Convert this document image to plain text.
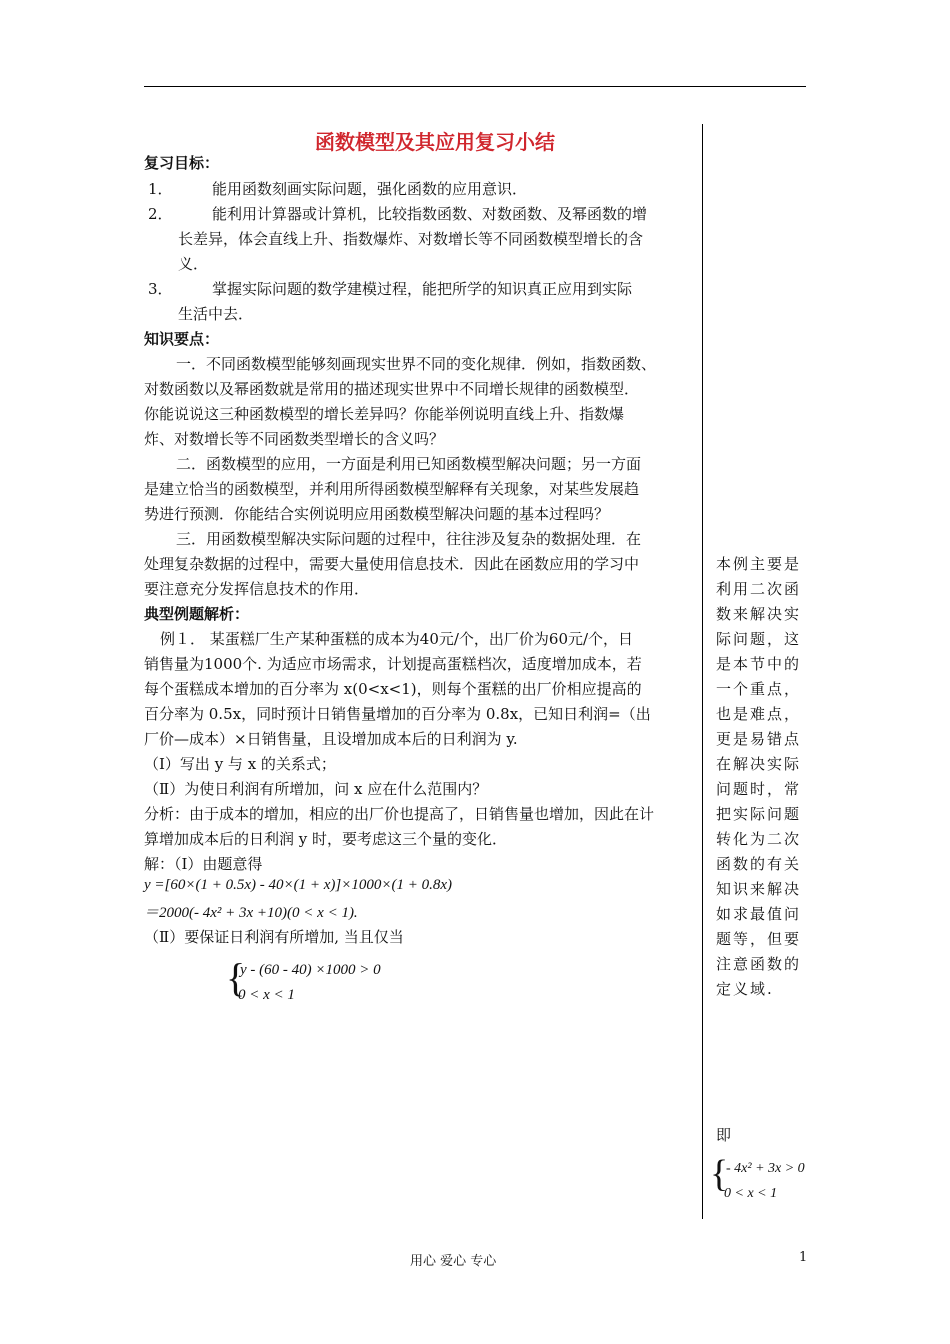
函数模型及其应用复习小结
复习目标：
1．	能用函数刻画实际问题，强化函数的应用意识．
2．	能利用计算器或计算机，比较指数函数、对数函数、及幂函数的增
长差异，体会直线上升、指数爆炸、对数增长等不同函数模型增长的含
义．
3．	掌握实际问题的数学建模过程，能把所学的知识真正应用到实际
生活中去．
知识要点：
一．不同函数模型能够刻画现实世界不同的变化规律．例如，指数函数、
对数函数以及幂函数就是常用的描述现实世界中不同增长规律的函数模型．
你能说说这三种函数模型的增长差异吗？你能举例说明直线上升、指数爆
炸、对数增长等不同函数类型增长的含义吗？
二．函数模型的应用，一方面是利用已知函数模型解决问题；另一方面
是建立恰当的函数模型，并利用所得函数模型解释有关现象，对某些发展趋
势进行预测．你能结合实例说明应用函数模型解决问题的基本过程吗？
三．用函数模型解决实际问题的过程中，往往涉及复杂的数据处理．在
处理复杂数据的过程中，需要大量使用信息技术．因此在函数应用的学习中
要注意充分发挥信息技术的作用．
典型例题解析：
例１． 某蛋糕厂生产某种蛋糕的成本为40元/个，出厂价为60元/个，日
销售量为1000个. 为适应市场需求，计划提高蛋糕档次，适度增加成本，若
每个蛋糕成本增加的百分率为 x(0<x<1)，则每个蛋糕的出厂价相应提高的
百分率为 0.5x，同时预计日销售量增加的百分率为 0.8x，已知日利润=（出
厂价—成本）×日销售量，且设增加成本后的日利润为 y.
（Ⅰ）写出 y 与 x 的关系式；
（Ⅱ）为使日利润有所增加，问 x 应在什么范围内？
分析：由于成本的增加，相应的出厂价也提高了，日销售量也增加，因此在计
算增加成本后的日利润 y 时，要考虑这三个量的变化．
解：（Ⅰ）由题意得
y =[60×(1 + 0.5x) - 40×(1 + x)]×1000×(1 + 0.8x)
＝2000(- 4x² + 3x +10)(0 < x < 1).
（Ⅱ）要保证日利润有所增加, 当且仅当
{
y - (60 - 40) ×1000 > 0
0 < x < 1
本例主要是
利用二次函
数来解决实
际问题，这
是本节中的
一个重点，
也是难点，
更是易错点
在解决实际
问题时，常
把实际问题
转化为二次
函数的有关
知识来解决
如求最值问
题等，但要
注意函数的
定义域.
即
{
- 4x² + 3x > 0
0 < x < 1
用心 爱心 专心	1
